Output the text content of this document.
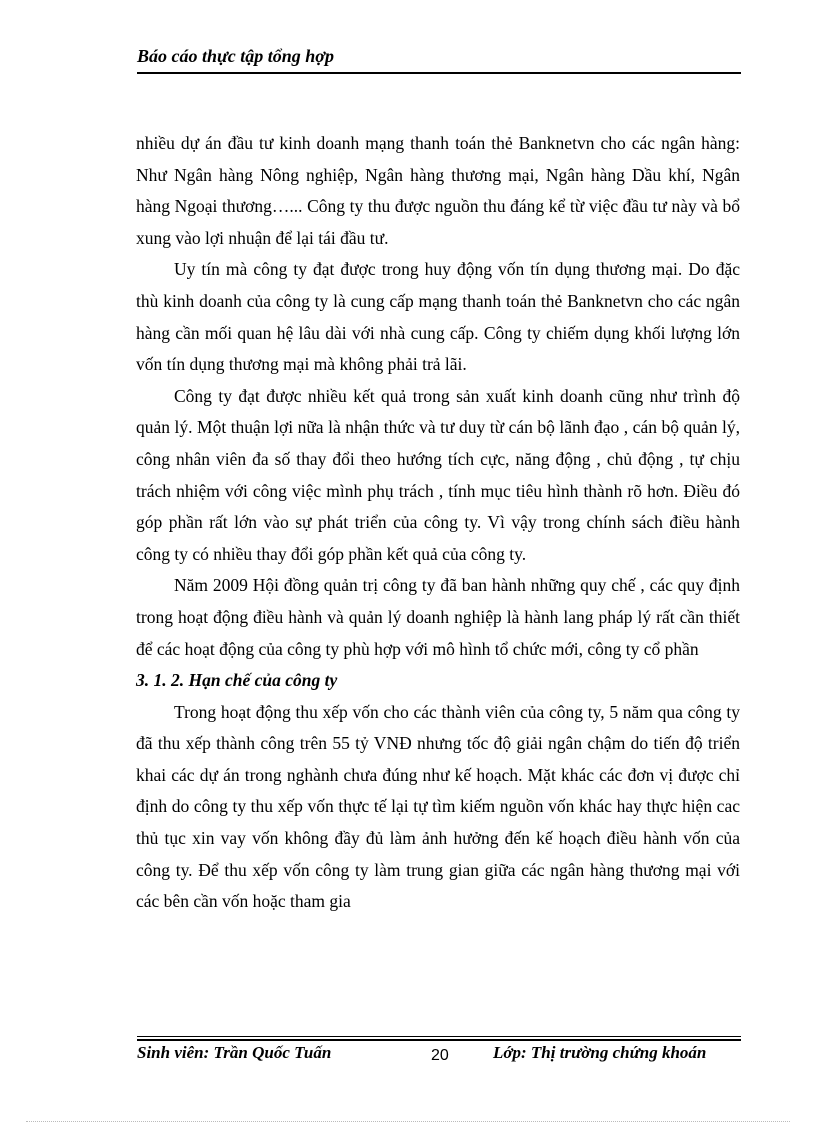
Báo cáo thực tập tổng hợp

nhiều dự án đầu tư kinh doanh mạng thanh toán thẻ Banknetvn cho các ngân hàng: Như Ngân hàng Nông nghiệp, Ngân hàng thương mại, Ngân hàng Dầu khí, Ngân hàng Ngoại thương…... Công ty thu được nguồn thu đáng kể từ việc đầu tư này và bổ xung vào lợi nhuận để lại tái đầu tư.

Uy tín mà công ty đạt được trong huy động vốn tín dụng thương mại. Do đặc thù kinh doanh của công ty là cung cấp mạng thanh toán thẻ Banknetvn cho các ngân hàng cần mối quan hệ lâu dài với nhà cung cấp. Công ty chiếm dụng khối lượng lớn vốn tín dụng thương mại mà không phải trả lãi.

Công ty đạt được nhiều kết quả trong sản xuất kinh doanh cũng như trình độ quản lý. Một thuận lợi nữa là nhận thức và tư duy từ cán bộ lãnh đạo , cán bộ quản lý, công nhân viên đa số thay đổi theo hướng tích cực, năng động , chủ động , tự chịu trách nhiệm với công việc mình phụ trách , tính mục tiêu hình thành rõ hơn. Điều đó góp phần rất lớn vào sự phát triển của công ty. Vì vậy trong chính sách điều hành công ty có nhiều thay đổi góp phần kết quả của công ty.

Năm 2009 Hội đồng quản trị công ty đã ban hành những quy chế , các quy định trong hoạt động điều hành và quản lý doanh nghiệp là hành lang pháp lý rất cần thiết để các hoạt động của công ty phù hợp với mô hình tổ chức mới, công ty cổ phần

3. 1. 2. Hạn chế của công ty

Trong hoạt động thu xếp vốn cho các thành viên của công ty, 5 năm qua công ty đã thu xếp thành công trên 55 tỷ VNĐ nhưng tốc độ giải ngân chậm do tiến độ triển khai các dự án trong nghành chưa đúng như kế hoạch. Mặt khác các đơn vị được chỉ định do công ty thu xếp vốn thực tế lại tự tìm kiếm nguồn vốn khác hay thực hiện cac thủ tục xin vay vốn không đầy đủ làm ảnh hưởng đến kế hoạch điều hành vốn của công ty. Để thu xếp vốn công ty làm trung gian giữa các ngân hàng thương mại với các bên cần vốn hoặc tham gia

Sinh viên: Trần Quốc Tuấn	20	Lớp: Thị trường chứng khoán
